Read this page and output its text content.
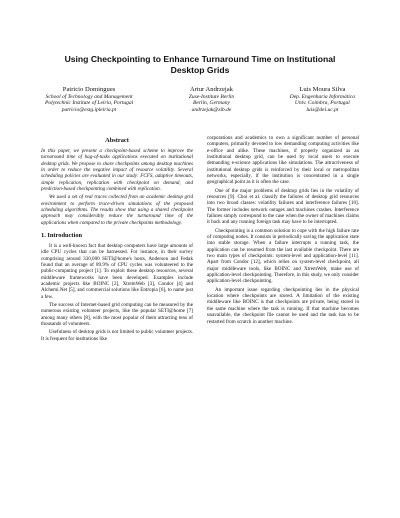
Using Checkpointing to Enhance Turnaround Time on Institutional Desktop Grids
Patricio Domingues
School of Technology and Management
Polytechnic Institute of Leiria, Portugal
patricio@estg.ipleiria.pt
Artur Andrzejak
Zuse-Institute Berlin
Berlin, Germany
andrzejak@zib.de
Luis Moura Silva
Dep. Engenharia Informática
Univ. Coimbra, Portugal
luis@dei.uc.pt
Abstract

In this paper, we present a checkpoint-based scheme to improve the turnaround time of bag-of-tasks applications executed on institutional desktop grids. We propose to share checkpoints among desktop machines in order to reduce the negative impact of resource volatility. Several scheduling policies are evaluated in our study: FCFS, adaptive timeouts, simple replication, replication with checkpoint on demand, and prediction-based checkpointing combined with replication.

We used a set of real traces collected from an academic desktop grid environment to perform trace-driven simulations of the proposed scheduling algorithms. The results show that using a shared checkpoint approach may considerably reduce the turnaround time of the applications when compared to the private checkpoints methodology.

1. Introduction

It is a well-known fact that desktop computers have large amounts of idle CPU cycles that can be harnessed. For instance, in their survey comprising around 330,000 SETI@home's hosts, Anderson and Fedak found that an average of 89.9% of CPU cycles was volunteered to the public-computing project [1]. To exploit these desktop resources, several middleware frameworks have been developed. Examples include academic projects like BOINC [2], XtremWeb [3], Condor [4] and Alchemi.Net [5], and commercial solutions like Entropia [6], to name just a few.

The success of Internet-based grid computing can be measured by the numerous existing volunteer projects, like the popular SETI@home [7] among many others [8], with the most popular of them attracting tens of thousands of volunteers.

Usefulness of desktop grids is not limited to public volunteer projects. It is frequent for institutions like

corporations and academics to own a significant number of personal computers, primarily devoted to low demanding computing activities like e-office and alike. These machines, if properly organized as an institutional desktop grid, can be used by local users to execute demanding e-science applications like simulations. The attractiveness of institutional desktop grids is reinforced by their local or metropolitan networks, especially, if the institution is concentrated in a single geographical point as it is often the case.

One of the major problems of desktop grids lies in the volatility of resources [9]. Choi et al. classify the failures of desktop grid resources into two broad classes: volatility failures and interference failures [10]. The former includes network outages and machines crashes. Interference failures simply correspond to the case when the owner of machines claims it back and any running foreign task may have to be interrupted.

Checkpointing is a common solution to cope with the high failure rate of computing nodes. It consists in periodically saving the application state into stable storage. When a failure interrupts a running task, the application can be resumed from the last available checkpoint. There are two main types of checkpoints: system-level and application-level [11]. Apart from Condor [12], which relies on system-level checkpoint, all major middleware tools, like BOINC and XtremWeb, make use of application-level checkpointing. Therefore, in this study, we only consider application-level checkpointing.

An important issue regarding checkpointing lies in the physical location where checkpoints are stored. A limitation of the existing middleware like BOINC is that checkpoints are private, being stored in the same machine where the task is running. If that machine becomes unavailable, the checkpoint file cannot be used and the task has to be restarted from scratch in another machine.
